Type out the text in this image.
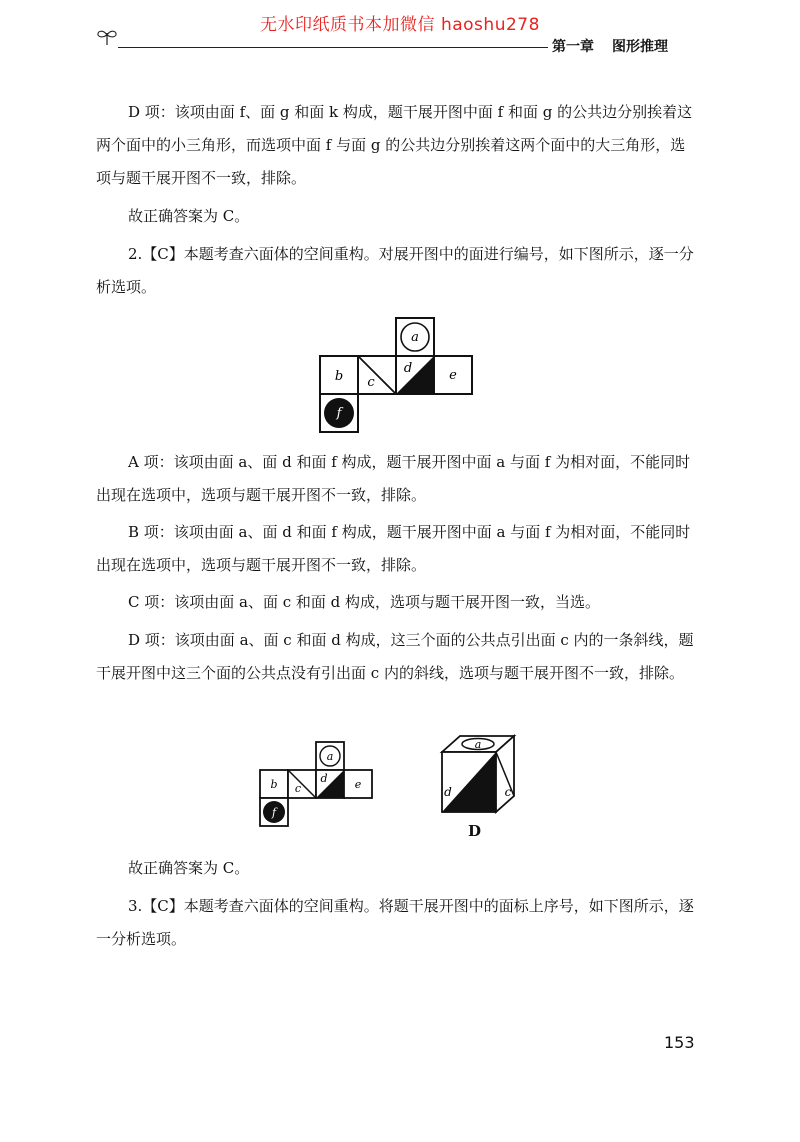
无水印纸质书本加微信 haoshu278
第一章 图形推理

D 项：该项由面 f、面 g 和面 k 构成，题干展开图中面 f 和面 g 的公共边分别挨着这两个面中的小三角形，而选项中面 f 与面 g 的公共边分别挨着这两个面中的大三角形，选项与题干展开图不一致，排除。

故正确答案为 C。

2.【C】本题考查六面体的空间重构。对展开图中的面进行编号，如下图所示，逐一分析选项。

a
b c
d	e
f

A 项：该项由面 a、面 d 和面 f 构成，题干展开图中面 a 与面 f 为相对面，不能同时出现在选项中，选项与题干展开图不一致，排除。

B 项：该项由面 a、面 d 和面 f 构成，题干展开图中面 a 与面 f 为相对面，不能同时出现在选项中，选项与题干展开图不一致，排除。

C 项：该项由面 a、面 c 和面 d 构成，选项与题干展开图一致，当选。

D 项：该项由面 a、面 c 和面 d 构成，这三个面的公共点引出面 c 内的一条斜线，题干展开图中这三个面的公共点没有引出面 c 内的斜线，选项与题干展开图不一致，排除。

a
b c
d e
f
a
d	c
D

故正确答案为 C。

3.【C】本题考查六面体的空间重构。将题干展开图中的面标上序号，如下图所示，逐一分析选项。

153
